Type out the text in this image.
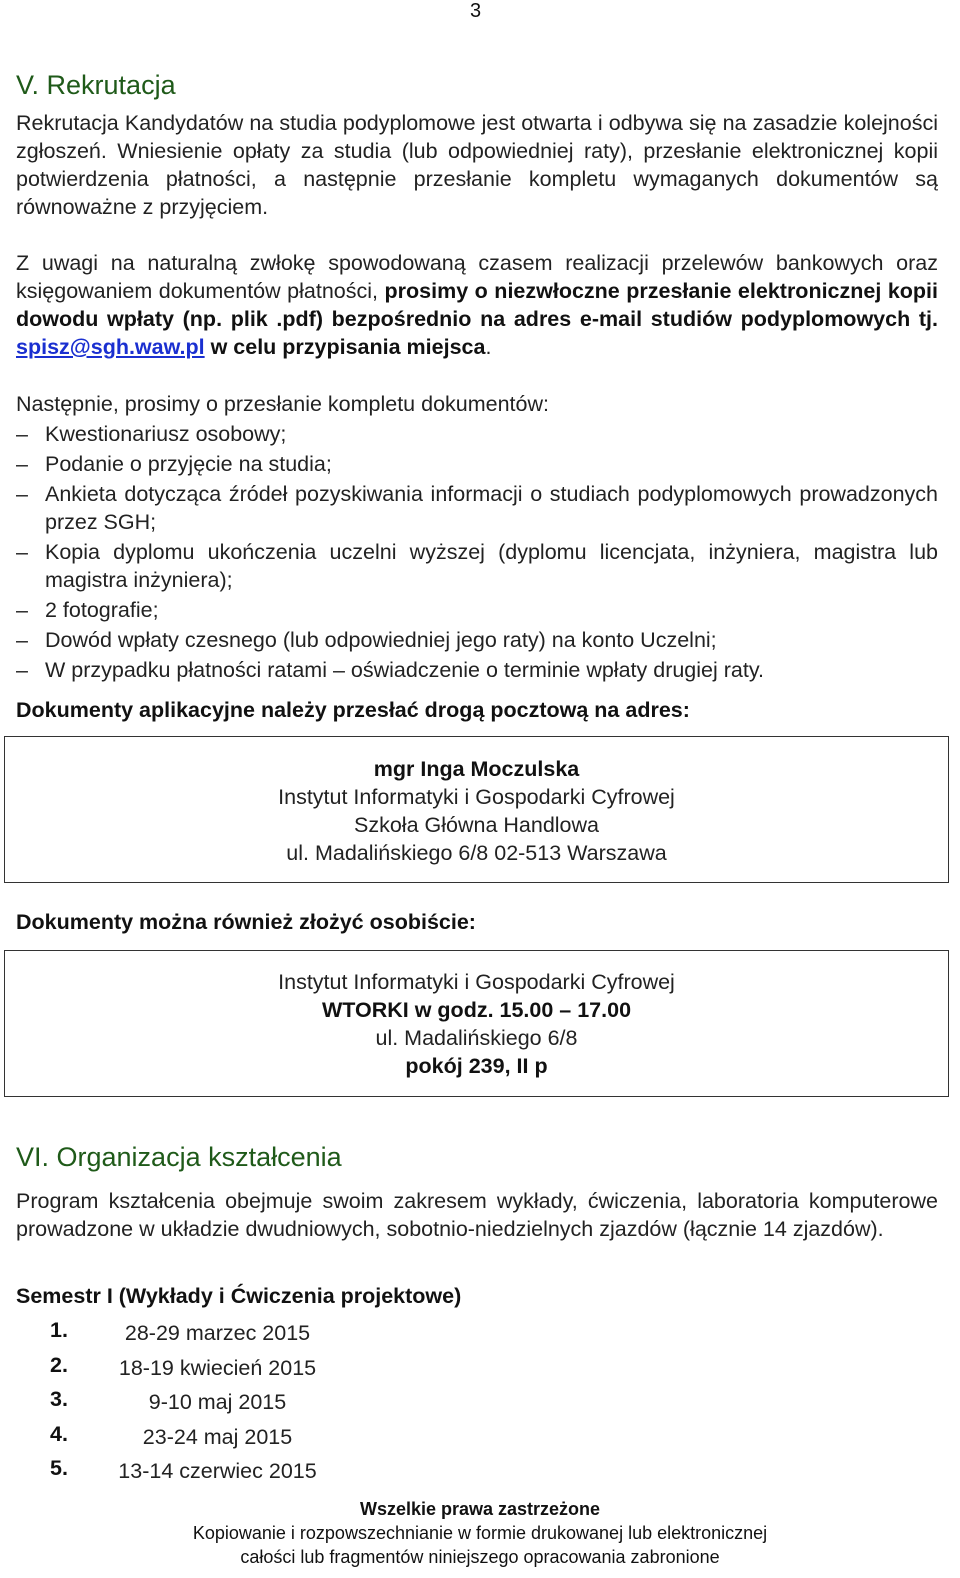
3
V. Rekrutacja
Rekrutacja Kandydatów na studia podyplomowe jest otwarta i odbywa się na zasadzie kolejności zgłoszeń. Wniesienie opłaty za studia (lub odpowiedniej raty), przesłanie elektronicznej kopii potwierdzenia płatności, a następnie przesłanie kompletu wymaganych dokumentów są równoważne z przyjęciem.
Z uwagi na naturalną zwłokę spowodowaną czasem realizacji przelewów bankowych oraz księgowaniem dokumentów płatności, prosimy o niezwłoczne przesłanie elektronicznej kopii dowodu wpłaty (np. plik .pdf) bezpośrednio na adres e-mail studiów podyplomowych tj. spisz@sgh.waw.pl w celu przypisania miejsca.
Następnie, prosimy o przesłanie kompletu dokumentów:
– Kwestionariusz osobowy;
– Podanie o przyjęcie na studia;
– Ankieta dotycząca źródeł pozyskiwania informacji o studiach podyplomowych prowadzonych przez SGH;
– Kopia dyplomu ukończenia uczelni wyższej (dyplomu licencjata, inżyniera, magistra lub magistra inżyniera);
– 2 fotografie;
– Dowód wpłaty czesnego (lub odpowiedniej jego raty) na konto Uczelni;
– W przypadku płatności ratami – oświadczenie o terminie wpłaty drugiej raty.
Dokumenty aplikacyjne należy przesłać drogą pocztową na adres:
mgr Inga Moczulska
Instytut Informatyki i Gospodarki Cyfrowej
Szkoła Główna Handlowa
ul. Madalińskiego 6/8 02-513 Warszawa
Dokumenty można również złożyć osobiście:
Instytut Informatyki i Gospodarki Cyfrowej
WTORKI w godz. 15.00 – 17.00
ul. Madalińskiego 6/8
pokój 239, II p
VI. Organizacja kształcenia
Program kształcenia obejmuje swoim zakresem wykłady, ćwiczenia, laboratoria komputerowe prowadzone w układzie dwudniowych, sobotnio-niedzielnych zjazdów (łącznie 14 zjazdów).
Semestr I (Wykłady i Ćwiczenia projektowe)
1.	28-29 marzec 2015
2.	18-19 kwiecień 2015
3.	9-10 maj 2015
4.	23-24 maj 2015
5.	13-14 czerwiec 2015
Wszelkie prawa zastrzeżone
Kopiowanie i rozpowszechnianie w formie drukowanej lub elektronicznej
całości lub fragmentów niniejszego opracowania zabronione
